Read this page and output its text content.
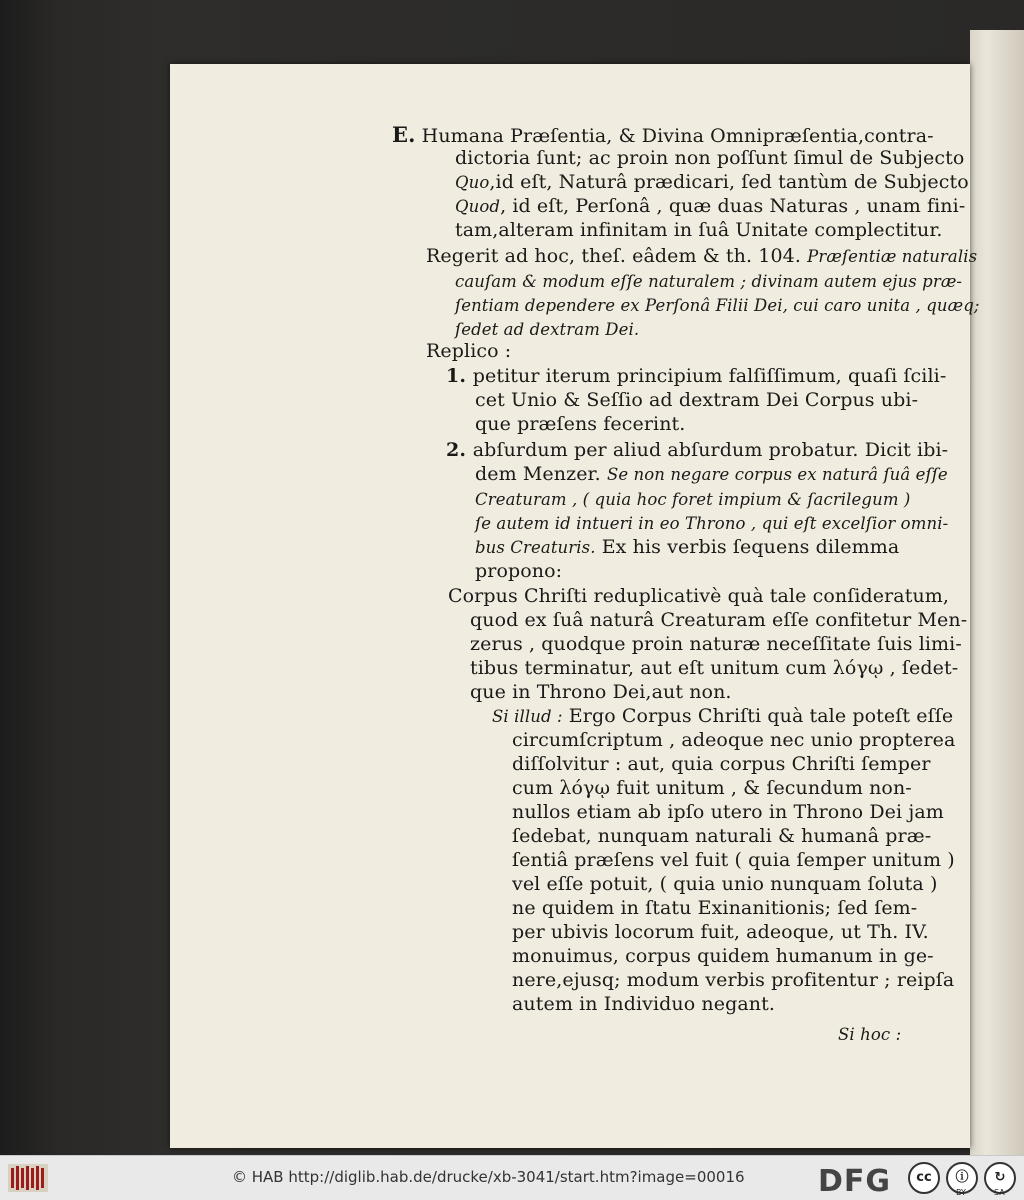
E. Humana Præſentia, & Divina Omnipræſentia,contra-
dictoria ſunt; ac proin non poſſunt ſimul de Subjecto
Quo,id eſt, Naturâ prædicari, ſed tantùm de Subjecto
Quod, id eſt, Perſonâ , quæ duas Naturas , unam fini-
tam,alteram infinitam in ſuâ Unitate complectitur.
Regerit ad hoc, theſ. eâdem & th. 104. Præſentiæ naturalis
cauſam & modum eſſe naturalem ; divinam autem ejus præ-
ſentiam dependere ex Perſonâ Filii Dei, cui caro unita , quæq;
ſedet ad dextram Dei.
Replico :
1. petitur iterum principium falſiſſimum, quaſi ſcili-
cet Unio & Seſſio ad dextram Dei Corpus ubi-
que præſens fecerint.
2. abſurdum per aliud abſurdum probatur. Dicit ibi-
dem Menzer. Se non negare corpus ex naturâ ſuâ eſſe
Creaturam , ( quia hoc foret impium & ſacrilegum )
ſe autem id intueri in eo Throno , qui eſt excelſior omni-
bus Creaturis. Ex his verbis ſequens dilemma
propono:
Corpus Chriſti reduplicativè quà tale conſideratum,
quod ex ſuâ naturâ Creaturam eſſe confitetur Men-
zerus , quodque proin naturæ neceſſitate ſuis limi-
tibus terminatur, aut eſt unitum cum λόγῳ , ſedet-
que in Throno Dei,aut non.
Si illud : Ergo Corpus Chriſti quà tale poteſt eſſe
circumſcriptum , adeoque nec unio propterea
diſſolvitur : aut, quia corpus Chriſti ſemper
cum λόγῳ fuit unitum , & ſecundum non-
nullos etiam ab ipſo utero in Throno Dei jam
ſedebat, nunquam naturali & humanâ præ-
ſentiâ præſens vel fuit ( quia ſemper unitum )
vel eſſe potuit, ( quia unio nunquam ſoluta )
ne quidem in ſtatu Exinanitionis; ſed ſem-
per ubivis locorum fuit, adeoque, ut Th. IV.
monuimus, corpus quidem humanum in ge-
nere,ejusq; modum verbis profitentur ; reipſa
autem in Individuo negant.
Si hoc :
© HAB http://diglib.hab.de/drucke/xb-3041/start.htm?image=00016 DFG	cc	ⓘ	↻
BY	SA
